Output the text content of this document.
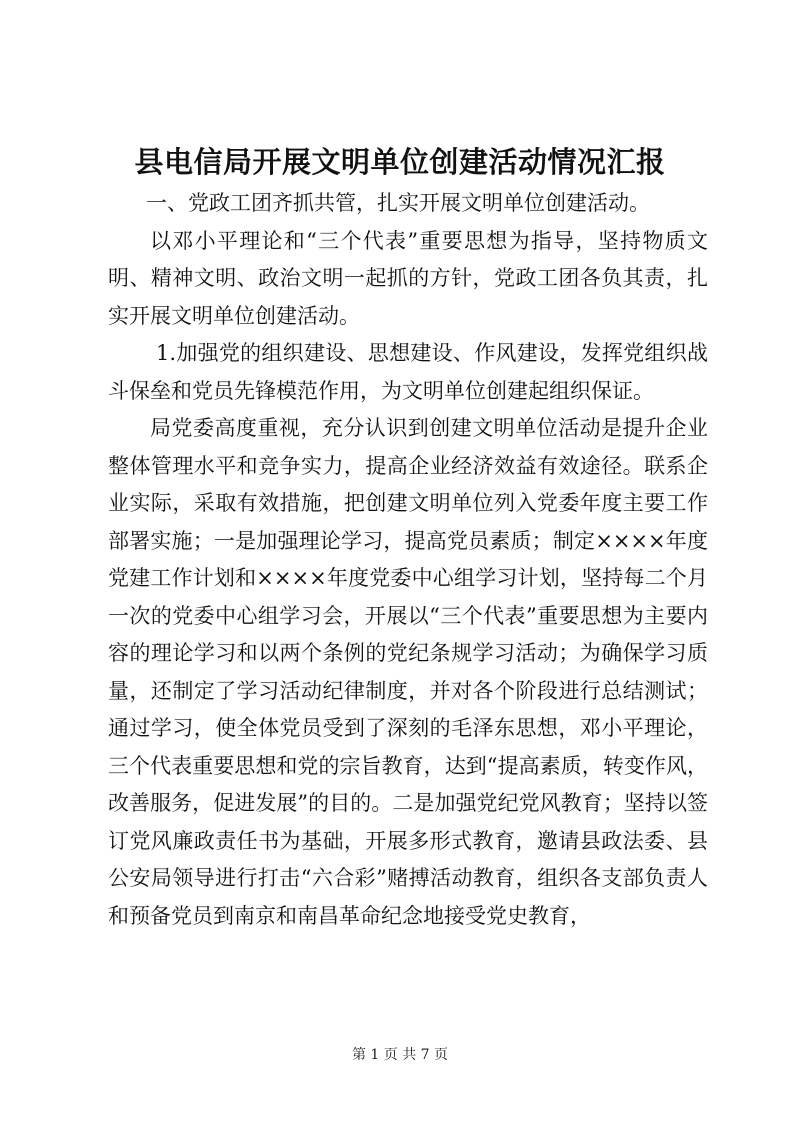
县电信局开展文明单位创建活动情况汇报

一、党政工团齐抓共管，扎实开展文明单位创建活动。

以邓小平理论和“三个代表”重要思想为指导，坚持物质文明、精神文明、政治文明一起抓的方针，党政工团各负其责，扎实开展文明单位创建活动。

1.加强党的组织建设、思想建设、作风建设，发挥党组织战斗保垒和党员先锋模范作用，为文明单位创建起组织保证。

局党委高度重视，充分认识到创建文明单位活动是提升企业整体管理水平和竞争实力，提高企业经济效益有效途径。联系企业实际，采取有效措施，把创建文明单位列入党委年度主要工作部署实施；一是加强理论学习，提高党员素质；制定××××年度党建工作计划和××××年度党委中心组学习计划，坚持每二个月一次的党委中心组学习会，开展以“三个代表”重要思想为主要内容的理论学习和以两个条例的党纪条规学习活动；为确保学习质量，还制定了学习活动纪律制度，并对各个阶段进行总结测试；通过学习，使全体党员受到了深刻的毛泽东思想，邓小平理论，三个代表重要思想和党的宗旨教育，达到“提高素质，转变作风，改善服务，促进发展”的目的。二是加强党纪党风教育；坚持以签订党风廉政责任书为基础，开展多形式教育，邀请县政法委、县公安局领导进行打击“六合彩”赌搏活动教育，组织各支部负责人和预备党员到南京和南昌革命纪念地接受党史教育，

第 1 页 共 7 页
